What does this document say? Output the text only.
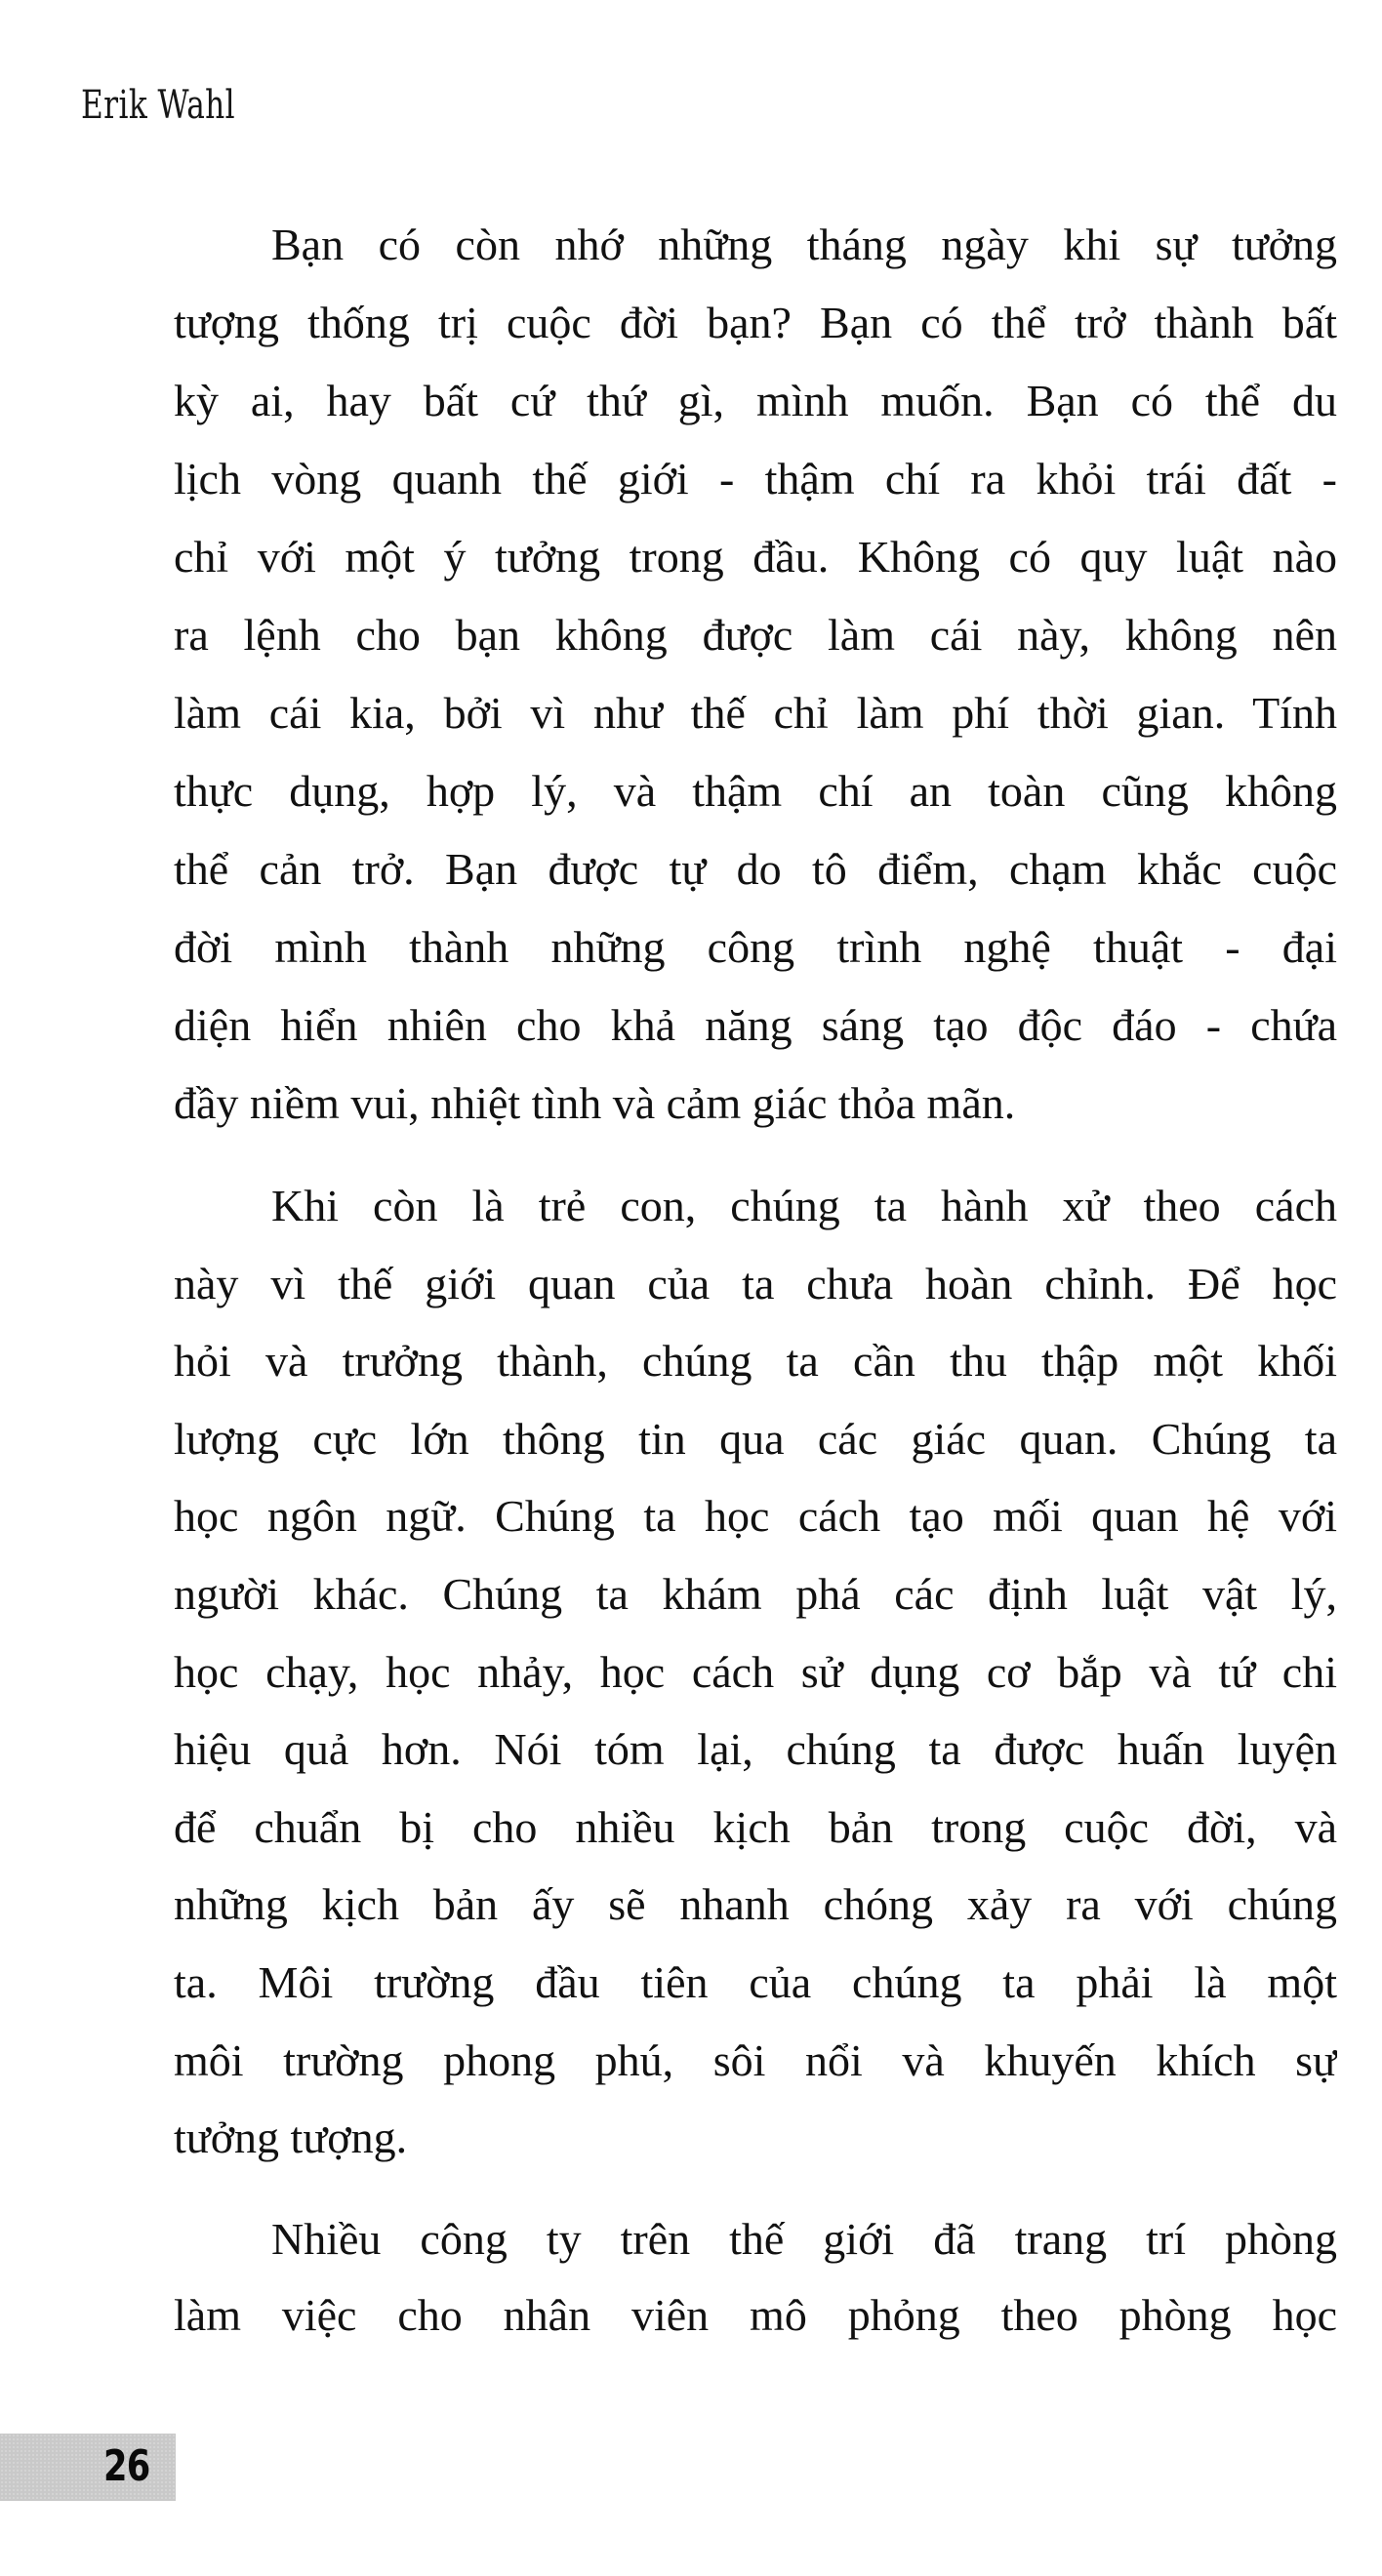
Erik Wahl
Bạn có còn nhớ những tháng ngày khi sự tưởng
tượng thống trị cuộc đời bạn? Bạn có thể trở thành bất
kỳ ai, hay bất cứ thứ gì, mình muốn. Bạn có thể du
lịch vòng quanh thế giới - thậm chí ra khỏi trái đất -
chỉ với một ý tưởng trong đầu. Không có quy luật nào
ra lệnh cho bạn không được làm cái này, không nên
làm cái kia, bởi vì như thế chỉ làm phí thời gian. Tính
thực dụng, hợp lý, và thậm chí an toàn cũng không
thể cản trở. Bạn được tự do tô điểm, chạm khắc cuộc
đời mình thành những công trình nghệ thuật - đại
diện hiển nhiên cho khả năng sáng tạo độc đáo - chứa
đầy niềm vui, nhiệt tình và cảm giác thỏa mãn.
Khi còn là trẻ con, chúng ta hành xử theo cách
này vì thế giới quan của ta chưa hoàn chỉnh. Để học
hỏi và trưởng thành, chúng ta cần thu thập một khối
lượng cực lớn thông tin qua các giác quan. Chúng ta
học ngôn ngữ. Chúng ta học cách tạo mối quan hệ với
người khác. Chúng ta khám phá các định luật vật lý,
học chạy, học nhảy, học cách sử dụng cơ bắp và tứ chi
hiệu quả hơn. Nói tóm lại, chúng ta được huấn luyện
để chuẩn bị cho nhiều kịch bản trong cuộc đời, và
những kịch bản ấy sẽ nhanh chóng xảy ra với chúng
ta. Môi trường đầu tiên của chúng ta phải là một
môi trường phong phú, sôi nổi và khuyến khích sự
tưởng tượng.
Nhiều công ty trên thế giới đã trang trí phòng
làm việc cho nhân viên mô phỏng theo phòng học
26
